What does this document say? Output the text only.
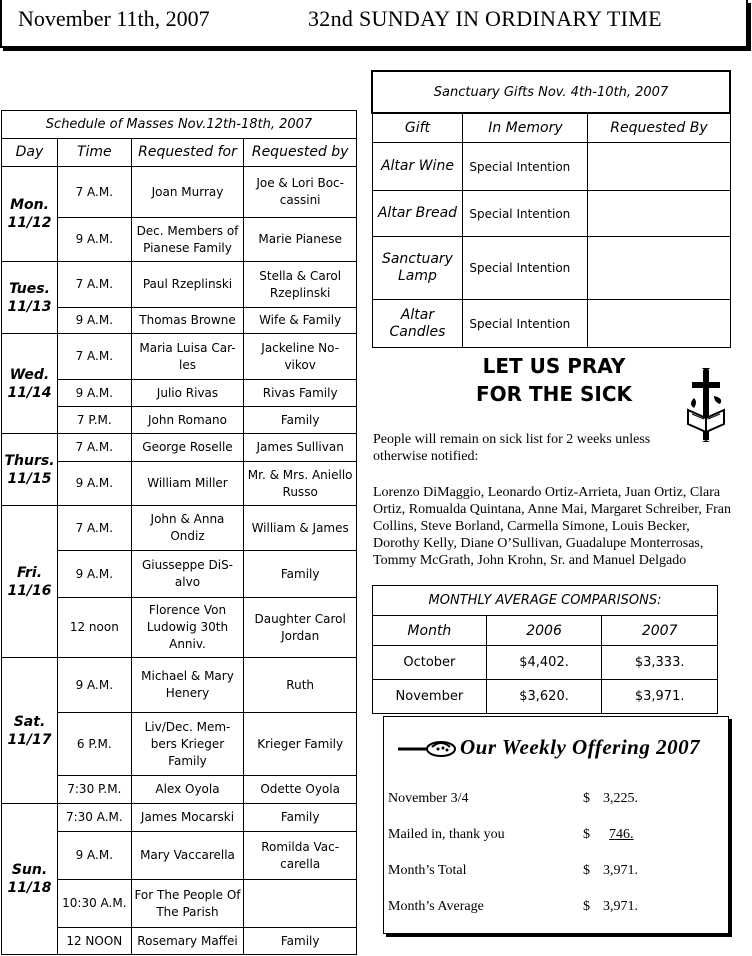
November 11th, 2007	32nd SUNDAY IN ORDINARY TIME
Schedule of Masses Nov.12th-18th, 2007			
Day	Time	Requested for	Requested by
Mon.
11/12	7 A.M.	Joan Murray	Joe & Lori Boc-cassini
	9 A.M.	Dec. Members of Pianese Family	Marie Pianese
Tues.
11/13	7 A.M.	Paul Rzeplinski	Stella & Carol Rzeplinski
	9 A.M.	Thomas Browne	Wife & Family
Wed.
11/14	7 A.M.	Maria Luisa Car-les	Jackeline No-vikov
	9 A.M.	Julio Rivas	Rivas Family
	7 P.M.	John Romano	Family
Thurs.
11/15	7 A.M.	George Roselle	James Sullivan
	9 A.M.	William Miller	Mr. & Mrs. Aniello Russo
Fri.
11/16	7 A.M.	John & Anna Ondiz	William & James
	9 A.M.	Giusseppe DiS-alvo	Family
	12 noon	Florence Von Ludowig 30th Anniv.	Daughter Carol Jordan
Sat.
11/17	9 A.M.	Michael & Mary Henery	Ruth
	6 P.M.	Liv/Dec. Mem-bers Krieger Family	Krieger Family
	7:30 P.M.	Alex Oyola	Odette Oyola
Sun.
11/18	7:30 A.M.	James Mocarski	Family
	9 A.M.	Mary Vaccarella	Romilda Vac-carella
	10:30 A.M.	For The People Of The Parish	
	12 NOON	Rosemary Maffei	Family
Sanctuary Gifts Nov. 4th-10th, 2007		
Gift	In Memory	Requested By
Altar Wine	Special Intention	
Altar Bread	Special Intention	
Sanctuary Lamp	Special Intention	
Altar Candles	Special Intention	
LET US PRAY
FOR THE SICK
People will remain on sick list for 2 weeks unless otherwise notified:
Lorenzo DiMaggio, Leonardo Ortiz-Arrieta, Juan Ortiz, Clara Ortiz, Romualda Quintana, Anne Mai, Margaret Schreiber, Fran Collins, Steve Borland, Carmella Simone, Louis Becker, Dorothy Kelly, Diane O’Sullivan, Guadalupe Monterrosas, Tommy McGrath, John Krohn, Sr. and Manuel Delgado
MONTHLY AVERAGE COMPARISONS:		
Month	2006	2007
October	$4,402.	$3,333.
November	$3,620.	$3,971.
Our Weekly Offering 2007
November 3/4	$ 3,225.
Mailed in, thank you	$	746.
Month’s Total	$ 3,971.
Month’s Average	$ 3,971.
